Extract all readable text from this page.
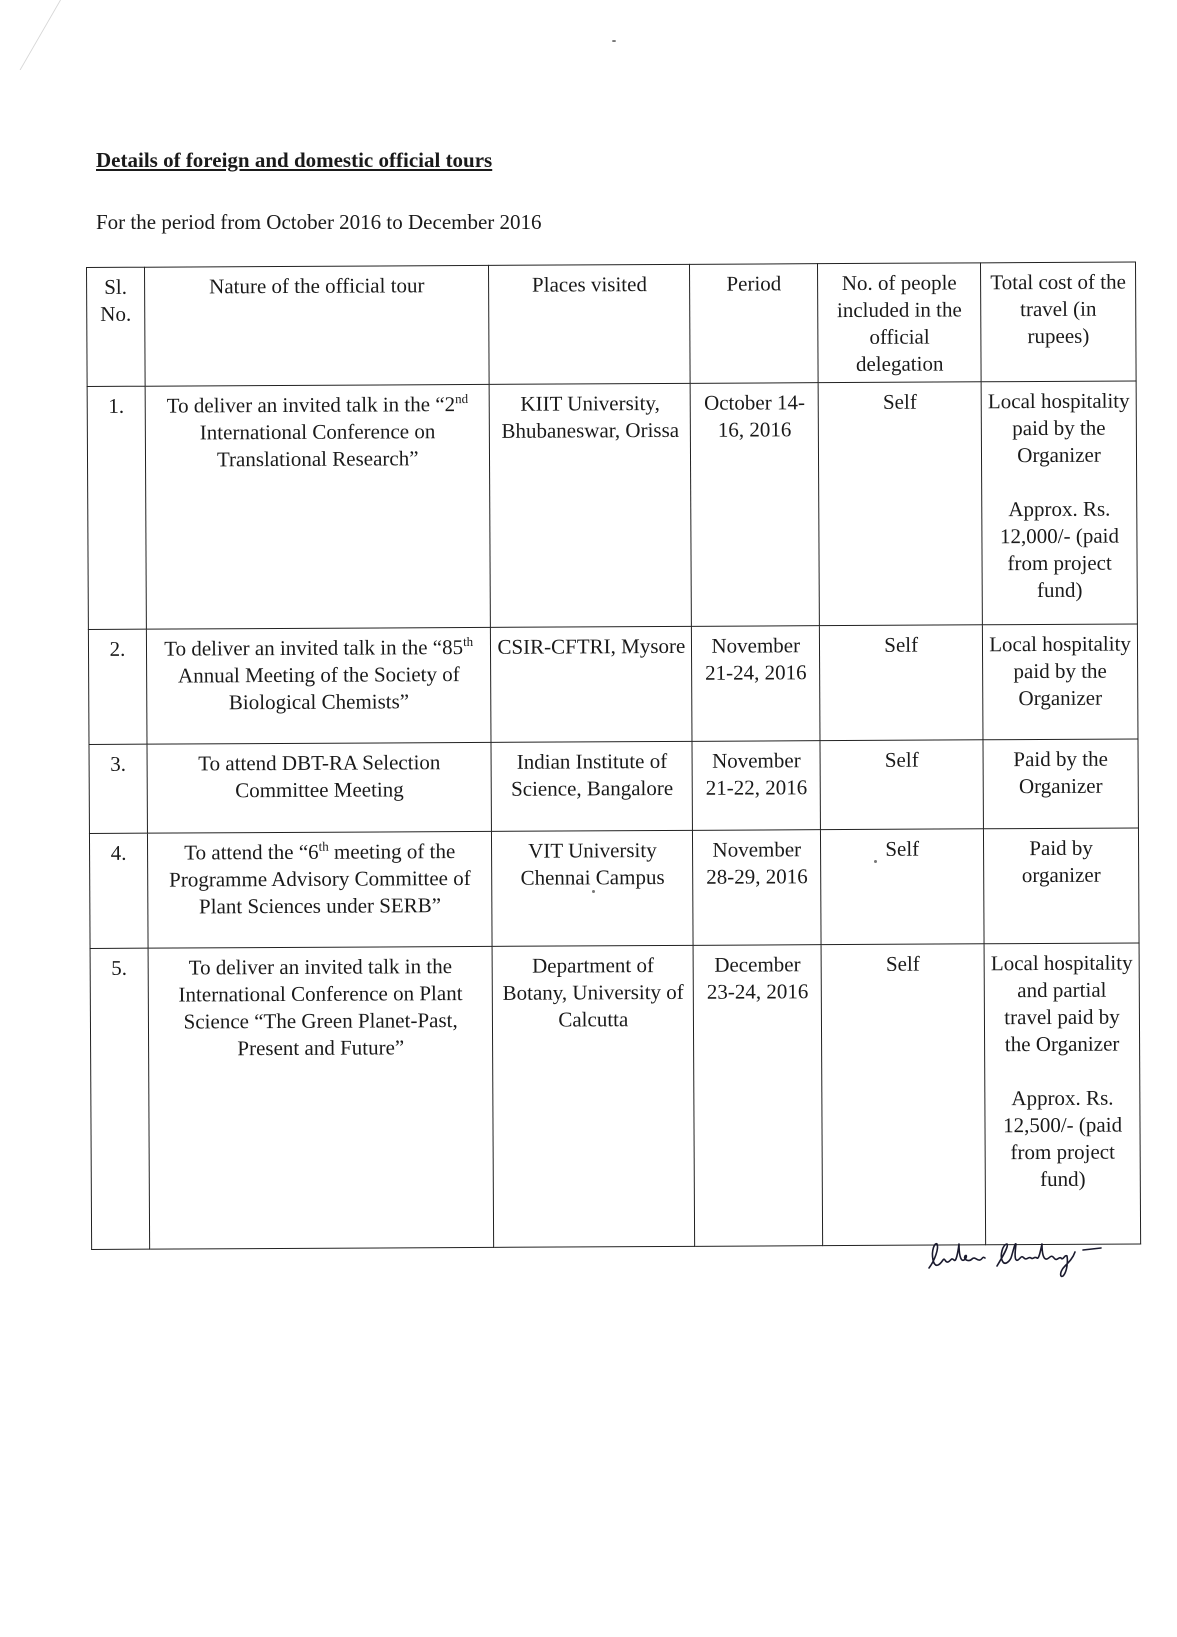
Details of foreign and domestic official tours

For the period from October 2016 to December 2016

Sl. No.	Nature of the official tour	Places visited	Period	No. of people included in the official delegation	Total cost of the travel (in rupees)
1.	To deliver an invited talk in the “2nd International Conference on Translational Research”	KIIT University, Bhubaneswar, Orissa	October 14-16, 2016	Self	Local hospitality paid by the Organizer
Approx. Rs. 12,000/- (paid from project fund)
2.	To deliver an invited talk in the “85th Annual Meeting of the Society of Biological Chemists”	CSIR-CFTRI, Mysore	November 21-24, 2016	Self	Local hospitality paid by the Organizer
3.	To attend DBT-RA Selection Committee Meeting	Indian Institute of Science, Bangalore	November 21-22, 2016	Self	Paid by the Organizer
4.	To attend the “6th meeting of the Programme Advisory Committee of Plant Sciences under SERB”	VIT University Chennai Campus	November 28-29, 2016	Self	Paid by organizer
5.	To deliver an invited talk in the International Conference on Plant Science “The Green Planet-Past, Present and Future”	Department of Botany, University of Calcutta	December 23-24, 2016	Self	Local hospitality and partial travel paid by the Organizer
Approx. Rs. 12,500/- (paid from project fund)
